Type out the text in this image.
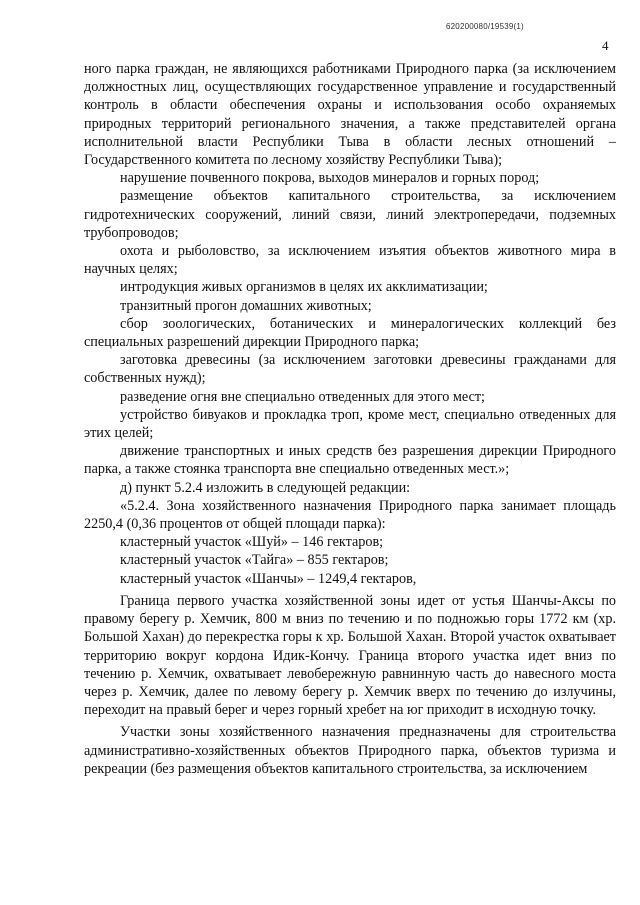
620200080/19539(1)
4

ного парка граждан, не являющихся работниками Природного парка (за исключением должностных лиц, осуществляющих государственное управление и государственный контроль в области обеспечения охраны и использования особо охраняемых природных территорий регионального значения, а также представителей органа исполнительной власти Республики Тыва в области лесных отношений – Государственного комитета по лесному хозяйству Республики Тыва);

нарушение почвенного покрова, выходов минералов и горных пород;

размещение объектов капитального строительства, за исключением гидротехнических сооружений, линий связи, линий электропередачи, подземных трубопроводов;

охота и рыболовство, за исключением изъятия объектов животного мира в научных целях;

интродукция живых организмов в целях их акклиматизации;

транзитный прогон домашних животных;

сбор зоологических, ботанических и минералогических коллекций без специальных разрешений дирекции Природного парка;

заготовка древесины (за исключением заготовки древесины гражданами для собственных нужд);

разведение огня вне специально отведенных для этого мест;

устройство бивуаков и прокладка троп, кроме мест, специально отведенных для этих целей;

движение транспортных и иных средств без разрешения дирекции Природного парка, а также стоянка транспорта вне специально отведенных мест.»;

д) пункт 5.2.4 изложить в следующей редакции:

«5.2.4. Зона хозяйственного назначения Природного парка занимает площадь 2250,4 (0,36 процентов от общей площади парка):

кластерный участок «Шуй» – 146 гектаров;

кластерный участок «Тайга» – 855 гектаров;

кластерный участок «Шанчы» – 1249,4 гектаров,

Граница первого участка хозяйственной зоны идет от устья Шанчы-Аксы по правому берегу р. Хемчик, 800 м вниз по течению и по подножью горы 1772 км (хр. Большой Хахан) до перекрестка горы к хр. Большой Хахан. Второй участок охватывает территорию вокруг кордона Идик-Кончу. Граница второго участка идет вниз по течению р. Хемчик, охватывает левобережную равнинную часть до навесного моста через р. Хемчик, далее по левому берегу р. Хемчик вверх по течению до излучины, переходит на правый берег и через горный хребет на юг приходит в исходную точку.

Участки зоны хозяйственного назначения предназначены для строительства административно-хозяйственных объектов Природного парка, объектов туризма и рекреации (без размещения объектов капитального строительства, за исключением
